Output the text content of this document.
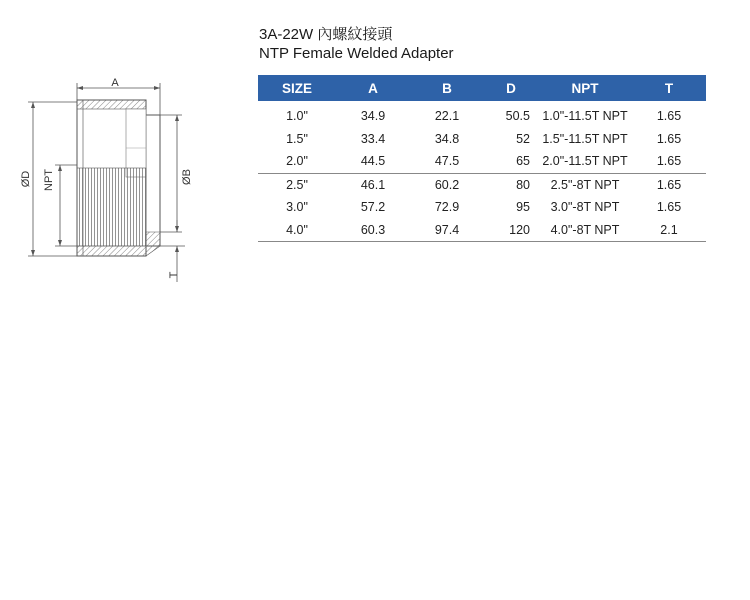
3A-22W 內螺紋接頭
NTP Female Welded Adapter
A
ØD NPT	ØB
T
SIZE	A	B	D	NPT	T
1.0"	34.9	22.1	50.5	1.0"-11.5T NPT	1.65
1.5"	33.4	34.8	52	1.5"-11.5T NPT	1.65
2.0"	44.5	47.5	65	2.0"-11.5T NPT	1.65
2.5"	46.1	60.2	80	2.5"-8T NPT	1.65
3.0"	57.2	72.9	95	3.0"-8T NPT	1.65
4.0"	60.3	97.4	120	4.0"-8T NPT	2.1
